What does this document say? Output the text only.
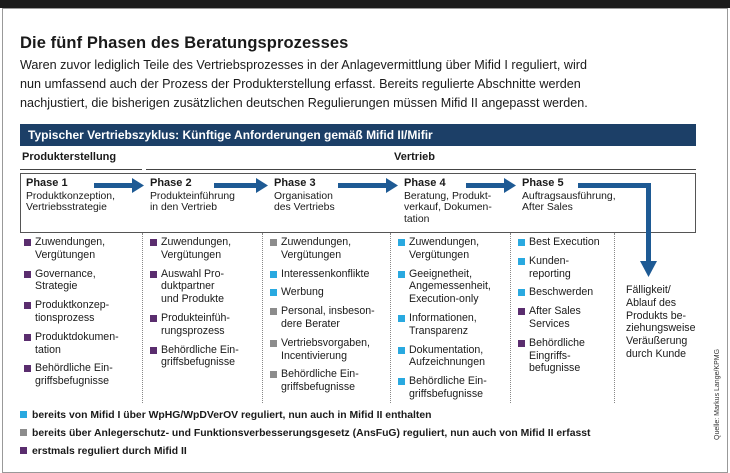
Die fünf Phasen des Beratungsprozesses
Waren zuvor lediglich Teile des Vertriebsprozesses in der Anlagevermittlung über Mifid I reguliert, wird
nun umfassend auch der Prozess der Produkterstellung erfasst. Bereits regulierte Abschnitte werden
nachjustiert, die bisherigen zusätzlichen deutschen Regulierungen müssen Mifid II angepasst werden.
Typischer Vertriebszyklus: Künftige Anforderungen gemäß Mifid II/Mifir
Produkterstellung	Vertrieb
Phase 1
Produktkonzeption,
Vertriebsstrategie
Phase 2
Produkteinführung
in den Vertrieb
Phase 3
Organisation
des Vertriebs
Phase 4
Beratung, Produkt-
verkauf, Dokumen-
tation
Phase 5
Auftragsausführung,
After Sales
Zuwendungen,
Vergütungen
Governance,
Strategie
Produktkonzep-
tionsprozess
Produktdokumen-
tation
Behördliche Ein-
griffsbefugnisse
Zuwendungen,
Vergütungen
Auswahl Pro-
duktpartner
und Produkte
Produkteinfüh-
rungsprozess
Behördliche Ein-
griffsbefugnisse
Zuwendungen,
Vergütungen
Interessenkonflikte
Werbung
Personal, insbeson-
dere Berater
Vertriebsvorgaben,
Incentivierung
Behördliche Ein-
griffsbefugnisse
Zuwendungen,
Vergütungen
Geeignetheit,
Angemessenheit,
Execution-only
Informationen,
Transparenz
Dokumentation,
Aufzeichnungen
Behördliche Ein-
griffsbefugnisse
Best Execution
Kunden-
reporting
Beschwerden
After Sales
Services
Behördliche
Eingriffs-
befugnisse
Fälligkeit/
Ablauf des
Produkts be-
ziehungsweise
Veräußerung
durch Kunde
bereits von Mifid I über WpHG/WpDVerOV reguliert, nun auch in Mifid II enthalten
bereits über Anlegerschutz- und Funktionsverbesserungsgesetz (AnsFuG) reguliert, nun auch von Mifid II erfasst
erstmals reguliert durch Mifid II
Quelle: Markus Lange/KPMG
